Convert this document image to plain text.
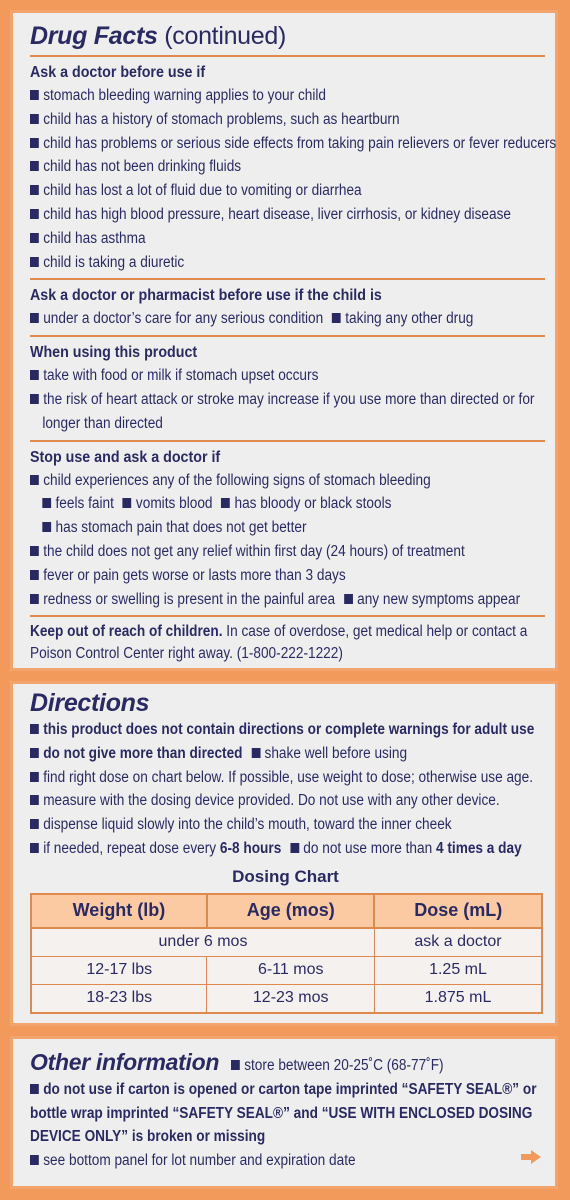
Drug Facts (continued)
Ask a doctor before use if
stomach bleeding warning applies to your child
child has a history of stomach problems, such as heartburn
child has problems or serious side effects from taking pain relievers or fever reducers
child has not been drinking fluids
child has lost a lot of fluid due to vomiting or diarrhea
child has high blood pressure, heart disease, liver cirrhosis, or kidney disease
child has asthma
child is taking a diuretic
Ask a doctor or pharmacist before use if the child is
under a doctor’s care for any serious condition taking any other drug
When using this product
take with food or milk if stomach upset occurs
the risk of heart attack or stroke may increase if you use more than directed or for
longer than directed
Stop use and ask a doctor if
child experiences any of the following signs of stomach bleeding
feels faint vomits blood has bloody or black stools
has stomach pain that does not get better
the child does not get any relief within first day (24 hours) of treatment
fever or pain gets worse or lasts more than 3 days
redness or swelling is present in the painful area any new symptoms appear
Keep out of reach of children. In case of overdose, get medical help or contact a
Poison Control Center right away. (1-800-222-1222)
Directions
this product does not contain directions or complete warnings for adult use
do not give more than directed shake well before using
find right dose on chart below. If possible, use weight to dose; otherwise use age.
measure with the dosing device provided. Do not use with any other device.
dispense liquid slowly into the child’s mouth, toward the inner cheek
if needed, repeat dose every 6-8 hours do not use more than 4 times a day
Dosing Chart
Weight (lb)	Age (mos)	Dose (mL)
under 6 mos		ask a doctor
12-17 lbs	6-11 mos	1.25 mL
18-23 lbs	12-23 mos	1.875 mL
Other information store between 20-25˚C (68-77˚F)
do not use if carton is opened or carton tape imprinted “SAFETY SEAL®” or
bottle wrap imprinted “SAFETY SEAL®” and “USE WITH ENCLOSED DOSING
DEVICE ONLY” is broken or missing
see bottom panel for lot number and expiration date
